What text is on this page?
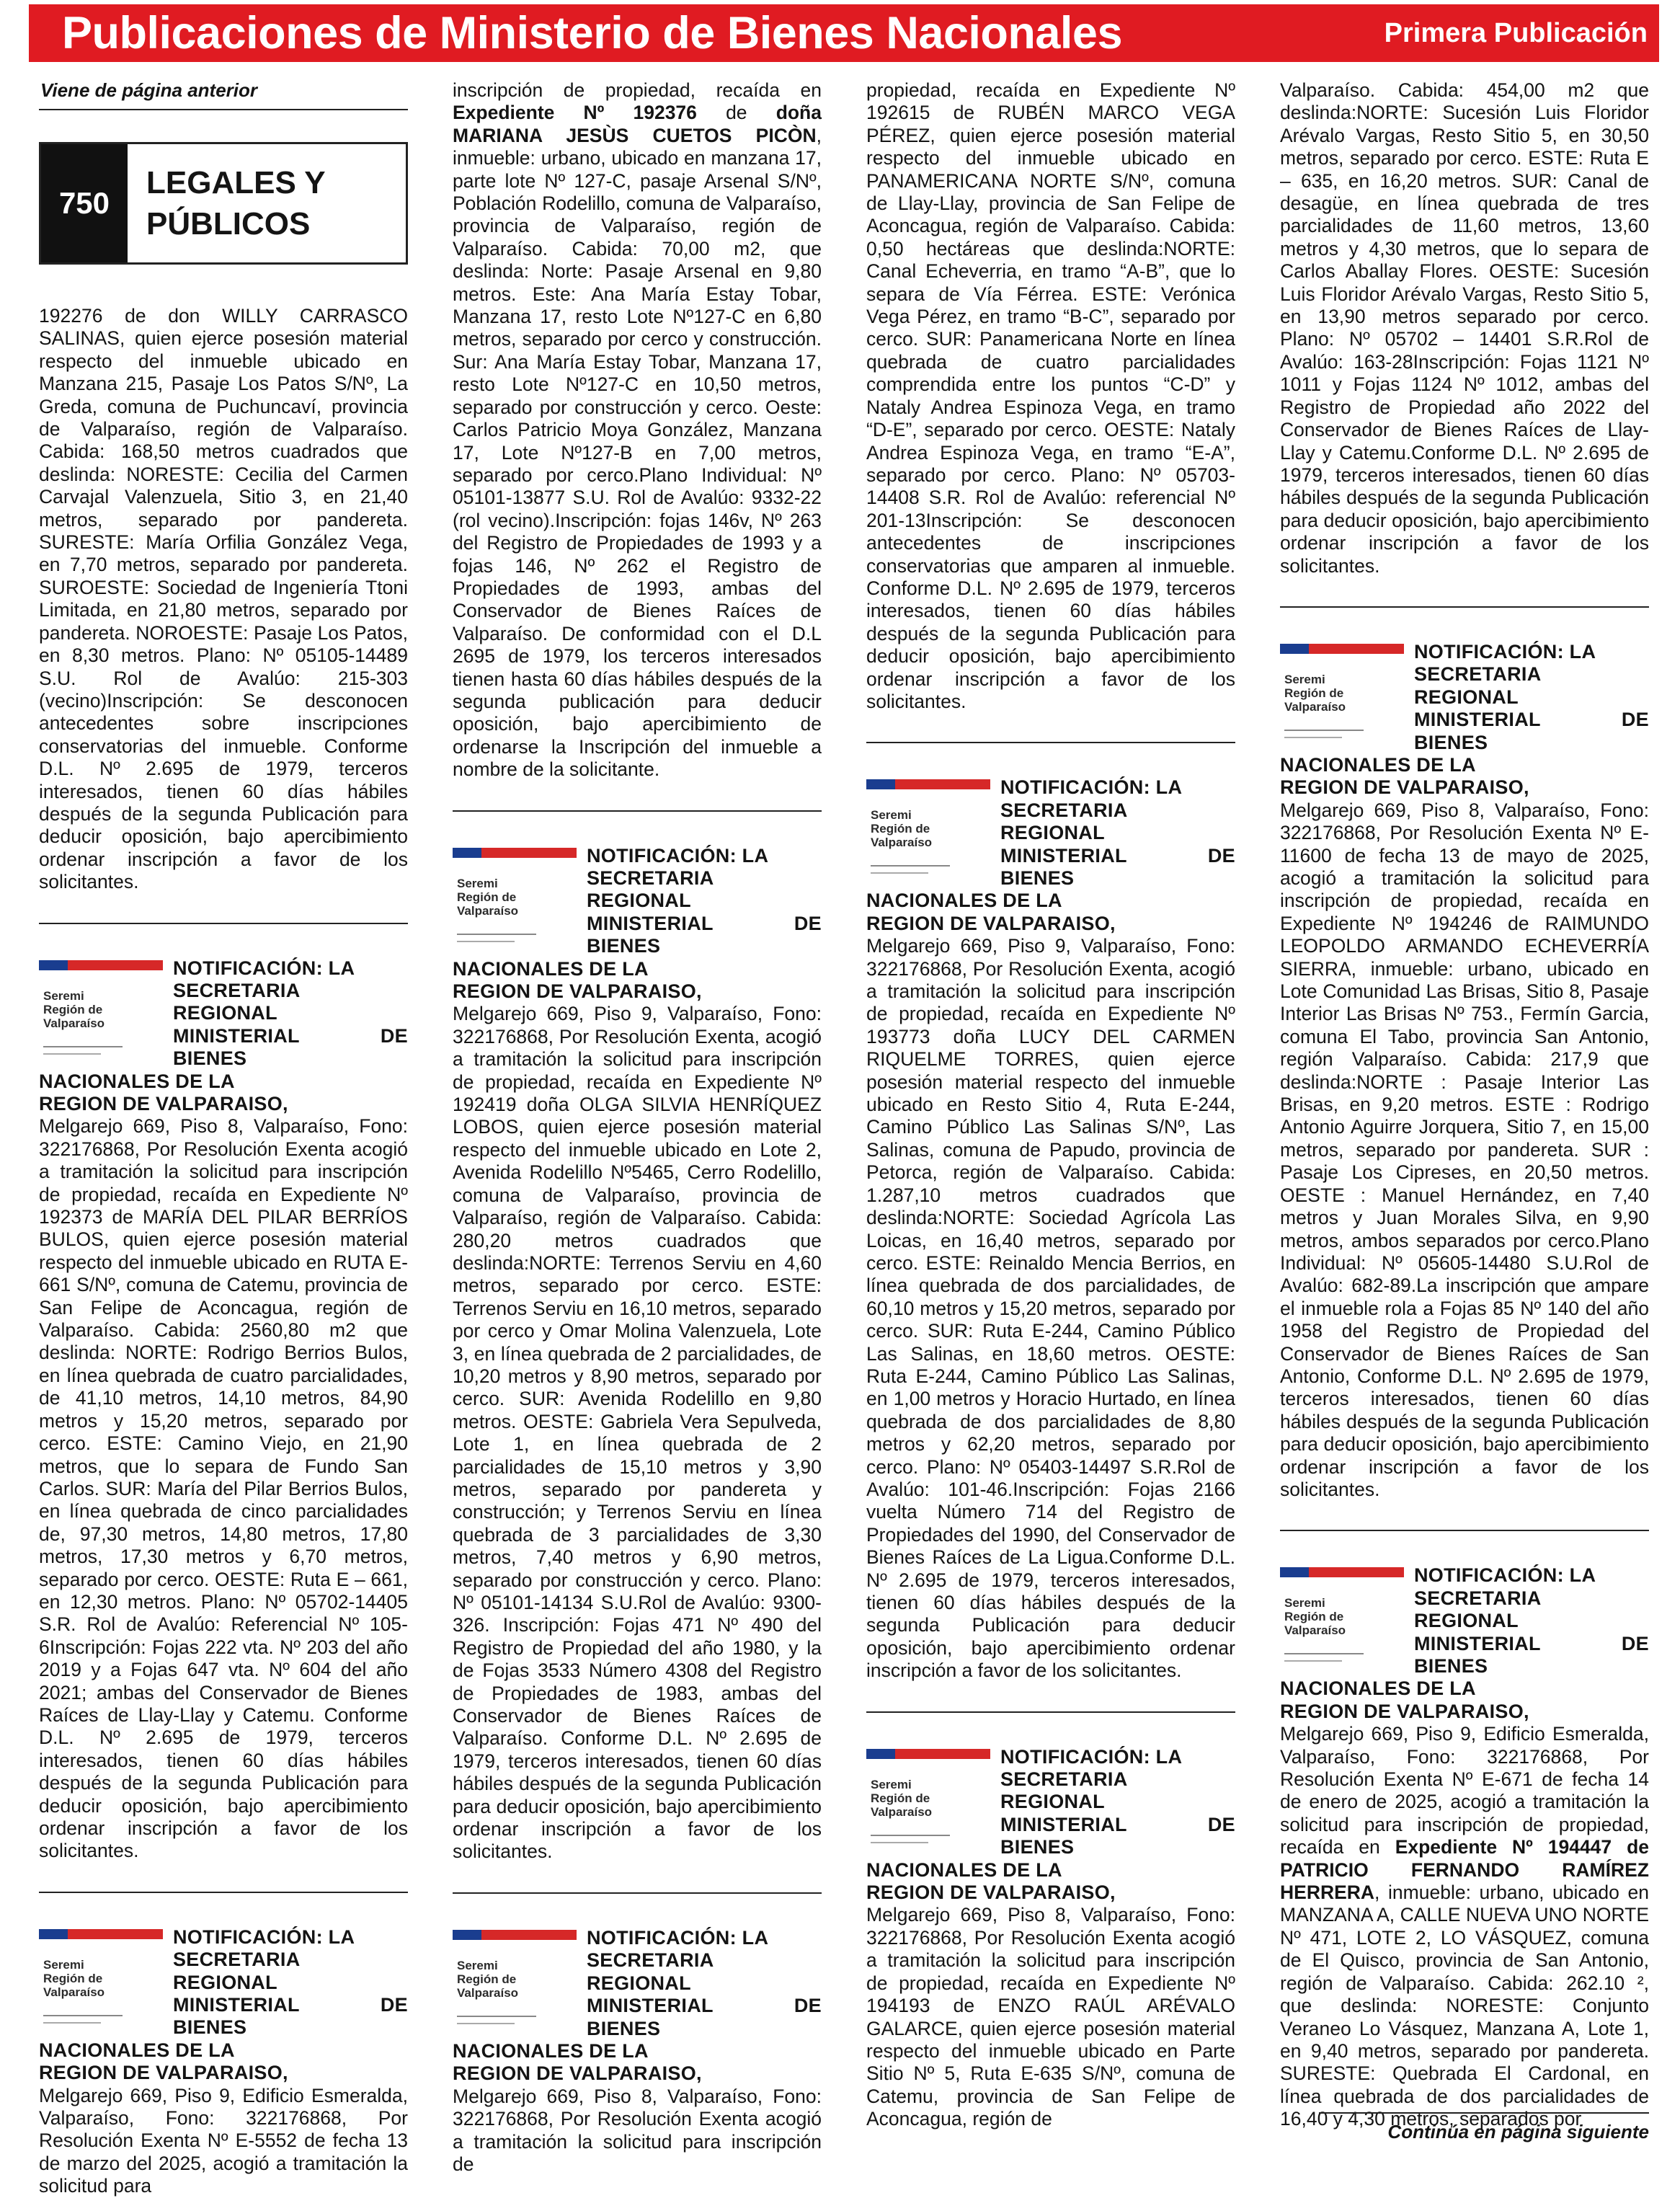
Publicaciones de Ministerio de Bienes Nacionales	Primera Publicación
Viene de página anterior
750
LEGALES Y
PÚBLICOS

192276 de don WILLY CARRASCO SALINAS, quien ejerce posesión material respecto del inmueble ubicado en Manzana 215, Pasaje Los Patos S/Nº, La Greda, comuna de Puchuncaví, provincia de Valparaíso, región de Valparaíso. Cabida: 168,50 metros cuadrados que deslinda: NORESTE: Cecilia del Carmen Carvajal Valenzuela, Sitio 3, en 21,40 metros, separado por pandereta. SURESTE: María Orfilia González Vega, en 7,70 metros, separado por pandereta. SUROESTE: Sociedad de Ingeniería Ttoni Limitada, en 21,80 metros, separado por pandereta. NOROESTE: Pasaje Los Patos, en 8,30 metros. Plano: Nº 05105-14489 S.U. Rol de Avalúo: 215-303 (vecino)Inscripción: Se desconocen antecedentes sobre inscripciones conservatorias del inmueble. Conforme D.L. Nº 2.695 de 1979, terceros interesados, tienen 60 días hábiles después de la segunda Publicación para deducir oposición, bajo apercibimiento ordenar inscripción a favor de los solicitantes.

Seremi
Región de
Valparaíso
NOTIFICACIÓN: LA
SECRETARIA REGIONAL
MINISTERIAL DE BIENES
NACIONALES DE LA
REGION DE VALPARAISO,
Melgarejo 669, Piso 8, Valparaíso, Fono: 322176868, Por Resolución Exenta acogió a tramitación la solicitud para inscripción de propiedad, recaída en Expediente Nº 192373 de MARÍA DEL PILAR BERRÍOS BULOS, quien ejerce posesión material respecto del inmueble ubicado en RUTA E-661 S/Nº, comuna de Catemu, provincia de San Felipe de Aconcagua, región de Valparaíso. Cabida: 2560,80 m2 que deslinda: NORTE: Rodrigo Berrios Bulos, en línea quebrada de cuatro parcialidades, de 41,10 metros, 14,10 metros, 84,90 metros y 15,20 metros, separado por cerco. ESTE: Camino Viejo, en 21,90 metros, que lo separa de Fundo San Carlos. SUR: María del Pilar Berrios Bulos, en línea quebrada de cinco parcialidades de, 97,30 metros, 14,80 metros, 17,80 metros, 17,30 metros y 6,70 metros, separado por cerco. OESTE: Ruta E – 661, en 12,30 metros. Plano: Nº 05702-14405 S.R. Rol de Avalúo: Referencial Nº 105-6Inscripción: Fojas 222 vta. Nº 203 del año 2019 y a Fojas 647 vta. Nº 604 del año 2021; ambas del Conservador de Bienes Raíces de Llay-Llay y Catemu. Conforme D.L. Nº 2.695 de 1979, terceros interesados, tienen 60 días hábiles después de la segunda Publicación para deducir oposición, bajo apercibimiento ordenar inscripción a favor de los solicitantes.
Seremi
Región de
Valparaíso
NOTIFICACIÓN: LA
SECRETARIA REGIONAL
MINISTERIAL DE BIENES
NACIONALES DE LA
REGION DE VALPARAISO,
Melgarejo 669, Piso 9, Edificio Esmeralda, Valparaíso, Fono: 322176868, Por Resolución Exenta Nº E-5552 de fecha 13 de marzo del 2025, acogió a tramitación la solicitud para

inscripción de propiedad, recaída en Expediente Nº 192376 de doña MARIANA JESÙS CUETOS PICÒN, inmueble: urbano, ubicado en manzana 17, parte lote Nº 127-C, pasaje Arsenal S/Nº, Población Rodelillo, comuna de Valparaíso, provincia de Valparaíso, región de Valparaíso. Cabida: 70,00 m2, que deslinda: Norte: Pasaje Arsenal en 9,80 metros. Este: Ana María Estay Tobar, Manzana 17, resto Lote Nº127-C en 6,80 metros, separado por cerco y construcción. Sur: Ana María Estay Tobar, Manzana 17, resto Lote Nº127-C en 10,50 metros, separado por construcción y cerco. Oeste: Carlos Patricio Moya González, Manzana 17, Lote Nº127-B en 7,00 metros, separado por cerco.Plano Individual: Nº 05101-13877 S.U. Rol de Avalúo: 9332-22 (rol vecino).Inscripción: fojas 146v, Nº 263 del Registro de Propiedades de 1993 y a fojas 146, Nº 262 el Registro de Propiedades de 1993, ambas del Conservador de Bienes Raíces de Valparaíso. De conformidad con el D.L 2695 de 1979, los terceros interesados tienen hasta 60 días hábiles después de la segunda publicación para deducir oposición, bajo apercibimiento de ordenarse la Inscripción del inmueble a nombre de la solicitante.

Seremi
Región de
Valparaíso
NOTIFICACIÓN: LA
SECRETARIA REGIONAL
MINISTERIAL DE BIENES
NACIONALES DE LA
REGION DE VALPARAISO,
Melgarejo 669, Piso 9, Valparaíso, Fono: 322176868, Por Resolución Exenta, acogió a tramitación la solicitud para inscripción de propiedad, recaída en Expediente Nº 192419 doña OLGA SILVIA HENRÍQUEZ LOBOS, quien ejerce posesión material respecto del inmueble ubicado en Lote 2, Avenida Rodelillo Nº5465, Cerro Rodelillo, comuna de Valparaíso, provincia de Valparaíso, región de Valparaíso. Cabida: 280,20 metros cuadrados que deslinda:NORTE: Terrenos Serviu en 4,60 metros, separado por cerco. ESTE: Terrenos Serviu en 16,10 metros, separado por cerco y Omar Molina Valenzuela, Lote 3, en línea quebrada de 2 parcialidades, de 10,20 metros y 8,90 metros, separado por cerco. SUR: Avenida Rodelillo en 9,80 metros. OESTE: Gabriela Vera Sepulveda, Lote 1, en línea quebrada de 2 parcialidades de 15,10 metros y 3,90 metros, separado por pandereta y construcción; y Terrenos Serviu en línea quebrada de 3 parcialidades de 3,30 metros, 7,40 metros y 6,90 metros, separado por construcción y cerco. Plano: Nº 05101-14134 S.U.Rol de Avalúo: 9300-326. Inscripción: Fojas 471 Nº 490 del Registro de Propiedad del año 1980, y la de Fojas 3533 Número 4308 del Registro de Propiedades de 1983, ambas del Conservador de Bienes Raíces de Valparaíso. Conforme D.L. Nº 2.695 de 1979, terceros interesados, tienen 60 días hábiles después de la segunda Publicación para deducir oposición, bajo apercibimiento ordenar inscripción a favor de los solicitantes.
Seremi
Región de
Valparaíso
NOTIFICACIÓN: LA
SECRETARIA REGIONAL
MINISTERIAL DE BIENES
NACIONALES DE LA
REGION DE VALPARAISO,
Melgarejo 669, Piso 8, Valparaíso, Fono: 322176868, Por Resolución Exenta acogió a tramitación la solicitud para inscripción de

propiedad, recaída en Expediente Nº 192615 de RUBÉN MARCO VEGA PÉREZ, quien ejerce posesión material respecto del inmueble ubicado en PANAMERICANA NORTE S/Nº, comuna de Llay-Llay, provincia de San Felipe de Aconcagua, región de Valparaíso. Cabida: 0,50 hectáreas que deslinda:NORTE: Canal Echeverria, en tramo “A-B”, que lo separa de Vía Férrea. ESTE: Verónica Vega Pérez, en tramo “B-C”, separado por cerco. SUR: Panamericana Norte en línea quebrada de cuatro parcialidades comprendida entre los puntos “C-D” y Nataly Andrea Espinoza Vega, en tramo “D-E”, separado por cerco. OESTE: Nataly Andrea Espinoza Vega, en tramo “E-A”, separado por cerco. Plano: Nº 05703-14408 S.R. Rol de Avalúo: referencial Nº 201-13Inscripción: Se desconocen antecedentes de inscripciones conservatorias que amparen al inmueble. Conforme D.L. Nº 2.695 de 1979, terceros interesados, tienen 60 días hábiles después de la segunda Publicación para deducir oposición, bajo apercibimiento ordenar inscripción a favor de los solicitantes.

Seremi
Región de
Valparaíso
NOTIFICACIÓN: LA
SECRETARIA REGIONAL
MINISTERIAL DE BIENES
NACIONALES DE LA
REGION DE VALPARAISO,
Melgarejo 669, Piso 9, Valparaíso, Fono: 322176868, Por Resolución Exenta, acogió a tramitación la solicitud para inscripción de propiedad, recaída en Expediente Nº 193773 doña LUCY DEL CARMEN RIQUELME TORRES, quien ejerce posesión material respecto del inmueble ubicado en Resto Sitio 4, Ruta E-244, Camino Público Las Salinas S/Nº, Las Salinas, comuna de Papudo, provincia de Petorca, región de Valparaíso. Cabida: 1.287,10 metros cuadrados que deslinda:NORTE: Sociedad Agrícola Las Loicas, en 16,40 metros, separado por cerco. ESTE: Reinaldo Mencia Berrios, en línea quebrada de dos parcialidades, de 60,10 metros y 15,20 metros, separado por cerco. SUR: Ruta E-244, Camino Público Las Salinas, en 18,60 metros. OESTE: Ruta E-244, Camino Público Las Salinas, en 1,00 metros y Horacio Hurtado, en línea quebrada de dos parcialidades de 8,80 metros y 62,20 metros, separado por cerco. Plano: Nº 05403-14497 S.R.Rol de Avalúo: 101-46.Inscripción: Fojas 2166 vuelta Número 714 del Registro de Propiedades del 1990, del Conservador de Bienes Raíces de La Ligua.Conforme D.L. Nº 2.695 de 1979, terceros interesados, tienen 60 días hábiles después de la segunda Publicación para deducir oposición, bajo apercibimiento ordenar inscripción a favor de los solicitantes.
Seremi
Región de
Valparaíso
NOTIFICACIÓN: LA
SECRETARIA REGIONAL
MINISTERIAL DE BIENES
NACIONALES DE LA
REGION DE VALPARAISO,
Melgarejo 669, Piso 8, Valparaíso, Fono: 322176868, Por Resolución Exenta acogió a tramitación la solicitud para inscripción de propiedad, recaída en Expediente Nº 194193 de ENZO RAÚL ARÉVALO GALARCE, quien ejerce posesión material respecto del inmueble ubicado en Parte Sitio Nº 5, Ruta E-635 S/Nº, comuna de Catemu, provincia de San Felipe de Aconcagua, región de

Valparaíso. Cabida: 454,00 m2 que deslinda:NORTE: Sucesión Luis Floridor Arévalo Vargas, Resto Sitio 5, en 30,50 metros, separado por cerco. ESTE: Ruta E – 635, en 16,20 metros. SUR: Canal de desagüe, en línea quebrada de tres parcialidades de 11,60 metros, 13,60 metros y 4,30 metros, que lo separa de Carlos Aballay Flores. OESTE: Sucesión Luis Floridor Arévalo Vargas, Resto Sitio 5, en 13,90 metros separado por cerco. Plano: Nº 05702 – 14401 S.R.Rol de Avalúo: 163-28Inscripción: Fojas 1121 Nº 1011 y Fojas 1124 Nº 1012, ambas del Registro de Propiedad año 2022 del Conservador de Bienes Raíces de Llay-Llay y Catemu.Conforme D.L. Nº 2.695 de 1979, terceros interesados, tienen 60 días hábiles después de la segunda Publicación para deducir oposición, bajo apercibimiento ordenar inscripción a favor de los solicitantes.

Seremi
Región de
Valparaíso
NOTIFICACIÓN: LA
SECRETARIA REGIONAL
MINISTERIAL DE BIENES
NACIONALES DE LA
REGION DE VALPARAISO,
Melgarejo 669, Piso 8, Valparaíso, Fono: 322176868, Por Resolución Exenta Nº E-11600 de fecha 13 de mayo de 2025, acogió a tramitación la solicitud para inscripción de propiedad, recaída en Expediente Nº 194246 de RAIMUNDO LEOPOLDO ARMANDO ECHEVERRÍA SIERRA, inmueble: urbano, ubicado en Lote Comunidad Las Brisas, Sitio 8, Pasaje Interior Las Brisas Nº 753., Fermín Garcia, comuna El Tabo, provincia San Antonio, región Valparaíso. Cabida: 217,9 que deslinda:NORTE : Pasaje Interior Las Brisas, en 9,20 metros. ESTE : Rodrigo Antonio Aguirre Jorquera, Sitio 7, en 15,00 metros, separado por pandereta. SUR : Pasaje Los Cipreses, en 20,50 metros. OESTE : Manuel Hernández, en 7,40 metros y Juan Morales Silva, en 9,90 metros, ambos separados por cerco.Plano Individual: Nº 05605-14480 S.U.Rol de Avalúo: 682-89.La inscripción que ampare el inmueble rola a Fojas 85 Nº 140 del año 1958 del Registro de Propiedad del Conservador de Bienes Raíces de San Antonio, Conforme D.L. Nº 2.695 de 1979, terceros interesados, tienen 60 días hábiles después de la segunda Publicación para deducir oposición, bajo apercibimiento ordenar inscripción a favor de los solicitantes.
Seremi
Región de
Valparaíso
NOTIFICACIÓN: LA
SECRETARIA REGIONAL
MINISTERIAL DE BIENES
NACIONALES DE LA
REGION DE VALPARAISO,
Melgarejo 669, Piso 9, Edificio Esmeralda, Valparaíso, Fono: 322176868, Por Resolución Exenta Nº E-671 de fecha 14 de enero de 2025, acogió a tramitación la solicitud para inscripción de propiedad, recaída en Expediente Nº 194447 de PATRICIO FERNANDO RAMÍREZ HERRERA, inmueble: urbano, ubicado en MANZANA A, CALLE NUEVA UNO NORTE Nº 471, LOTE 2, LO VÁSQUEZ, comuna de El Quisco, provincia de San Antonio, región de Valparaíso. Cabida: 262.10 ², que deslinda: NORESTE: Conjunto Veraneo Lo Vásquez, Manzana A, Lote 1, en 9,40 metros, separado por pandereta. SURESTE: Quebrada El Cardonal, en línea quebrada de dos parcialidades de 16,40 y 4,30 metros, separados por
Continúa en página siguiente
